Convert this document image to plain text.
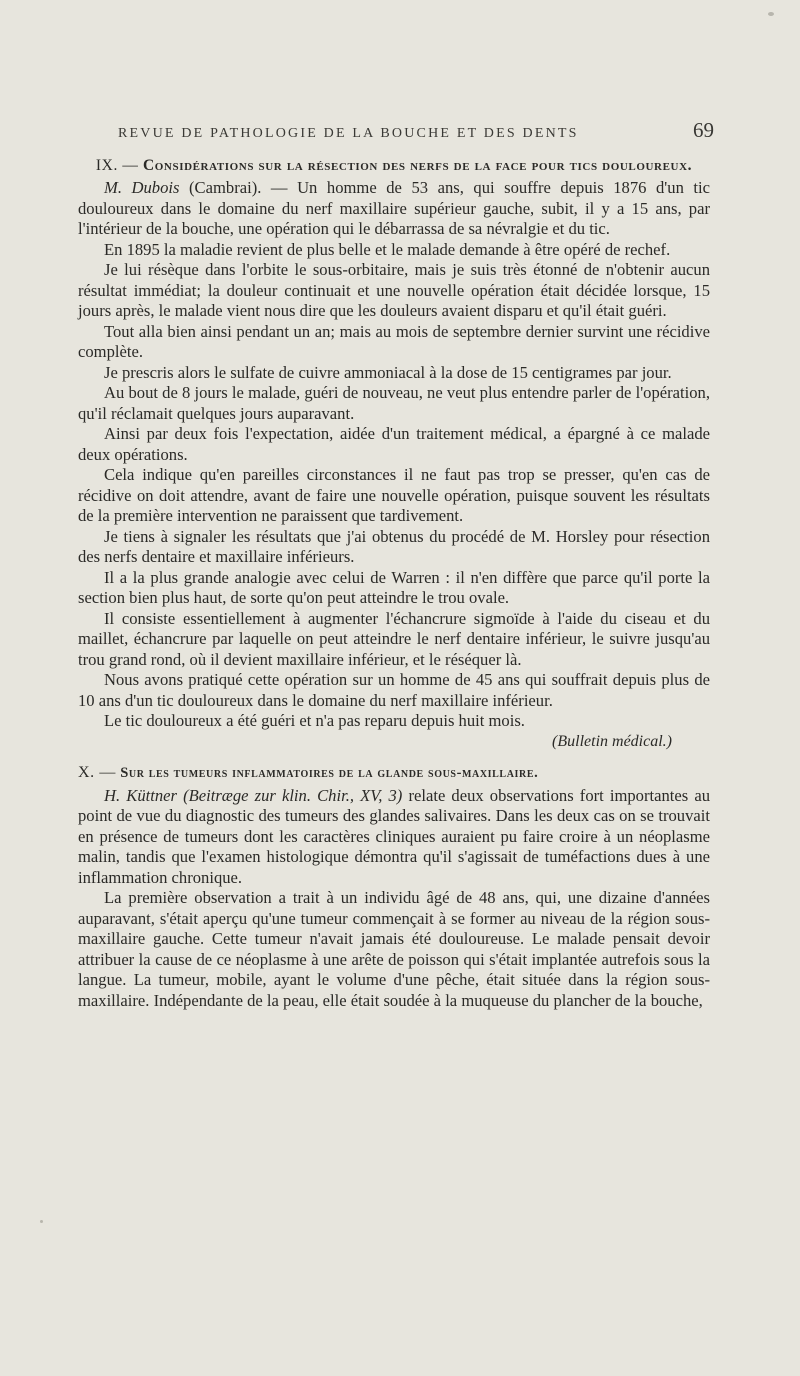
REVUE DE PATHOLOGIE DE LA BOUCHE ET DES DENTS	69
IX. — Considérations sur la résection des nerfs de la face pour tics douloureux.

M. Dubois (Cambrai). — Un homme de 53 ans, qui souffre depuis 1876 d'un tic douloureux dans le domaine du nerf maxillaire supérieur gauche, subit, il y a 15 ans, par l'intérieur de la bouche, une opération qui le débarrassa de sa névralgie et du tic.

En 1895 la maladie revient de plus belle et le malade demande à être opéré de rechef.

Je lui résèque dans l'orbite le sous-orbitaire, mais je suis très étonné de n'obtenir aucun résultat immédiat; la douleur continuait et une nouvelle opération était décidée lorsque, 15 jours après, le malade vient nous dire que les douleurs avaient disparu et qu'il était guéri.

Tout alla bien ainsi pendant un an; mais au mois de septembre dernier survint une récidive complète.

Je prescris alors le sulfate de cuivre ammoniacal à la dose de 15 centigrames par jour.

Au bout de 8 jours le malade, guéri de nouveau, ne veut plus entendre parler de l'opération, qu'il réclamait quelques jours auparavant.

Ainsi par deux fois l'expectation, aidée d'un traitement médical, a épargné à ce malade deux opérations.

Cela indique qu'en pareilles circonstances il ne faut pas trop se presser, qu'en cas de récidive on doit attendre, avant de faire une nouvelle opération, puisque souvent les résultats de la première intervention ne paraissent que tardivement.

Je tiens à signaler les résultats que j'ai obtenus du procédé de M. Horsley pour résection des nerfs dentaire et maxillaire inférieurs.

Il a la plus grande analogie avec celui de Warren : il n'en diffère que parce qu'il porte la section bien plus haut, de sorte qu'on peut atteindre le trou ovale.

Il consiste essentiellement à augmenter l'échancrure sigmoïde à l'aide du ciseau et du maillet, échancrure par laquelle on peut atteindre le nerf dentaire inférieur, le suivre jusqu'au trou grand rond, où il devient maxillaire inférieur, et le réséquer là.

Nous avons pratiqué cette opération sur un homme de 45 ans qui souffrait depuis plus de 10 ans d'un tic douloureux dans le domaine du nerf maxillaire inférieur.

Le tic douloureux a été guéri et n'a pas reparu depuis huit mois.

(Bulletin médical.)
X. — Sur les tumeurs inflammatoires de la glande sous-maxillaire.

H. Küttner (Beitræge zur klin. Chir., XV, 3) relate deux observations fort importantes au point de vue du diagnostic des tumeurs des glandes salivaires. Dans les deux cas on se trouvait en présence de tumeurs dont les caractères cliniques auraient pu faire croire à un néoplasme malin, tandis que l'examen histologique démontra qu'il s'agissait de tuméfactions dues à une inflammation chronique.

La première observation a trait à un individu âgé de 48 ans, qui, une dizaine d'années auparavant, s'était aperçu qu'une tumeur commençait à se former au niveau de la région sous-maxillaire gauche. Cette tumeur n'avait jamais été douloureuse. Le malade pensait devoir attribuer la cause de ce néoplasme à une arête de poisson qui s'était implantée autrefois sous la langue. La tumeur, mobile, ayant le volume d'une pêche, était située dans la région sous-maxillaire. Indépendante de la peau, elle était soudée à la muqueuse du plancher de la bouche,
